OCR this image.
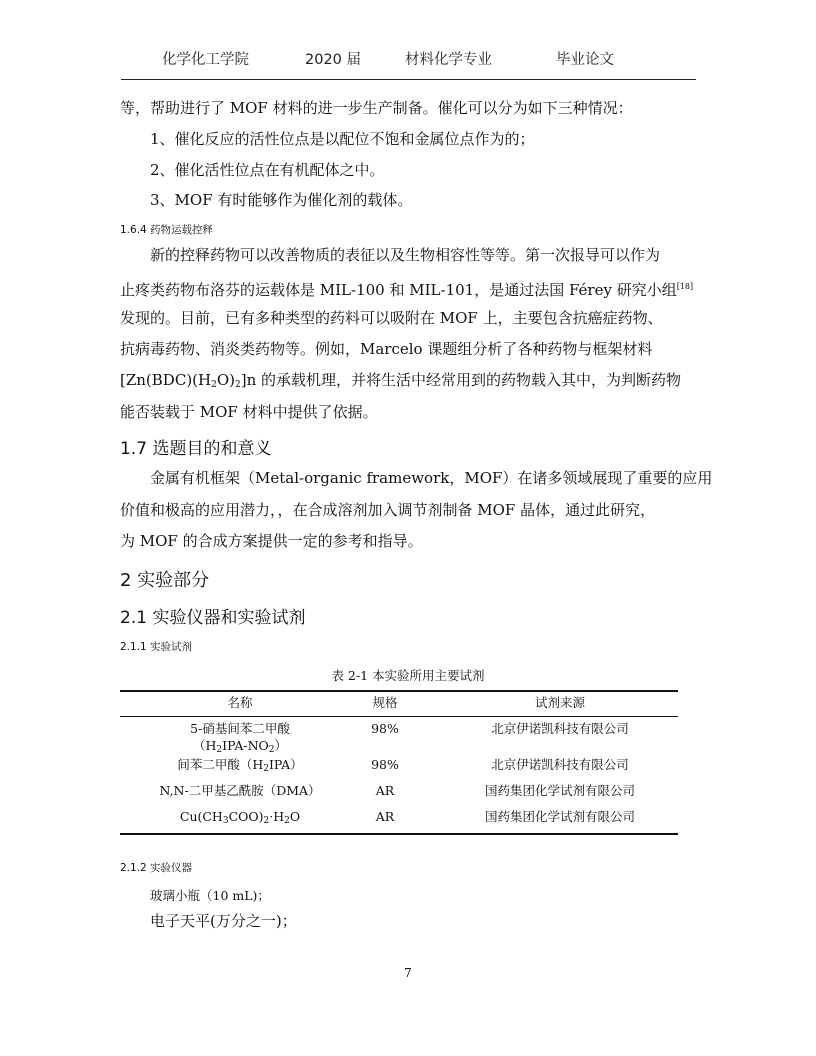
化学化工学院	2020 届	材料化学专业	毕业论文
等，帮助进行了 MOF 材料的进一步生产制备。催化可以分为如下三种情况：
1、催化反应的活性位点是以配位不饱和金属位点作为的；
2、催化活性位点在有机配体之中。
3、MOF 有时能够作为催化剂的载体。
1.6.4 药物运载控释
新的控释药物可以改善物质的表征以及生物相容性等等。第一次报导可以作为
止疼类药物布洛芬的运载体是 MIL-100 和 MIL-101，是通过法国 Férey 研究小组[18]
发现的。目前，已有多种类型的药料可以吸附在 MOF 上，主要包含抗癌症药物、
抗病毒药物、消炎类药物等。例如，Marcelo 课题组分析了各种药物与框架材料
$[Zn(BDC)(H_2O)_2]n$ 的承载机理，并将生活中经常用到的药物载入其中，为判断药物
能否装载于 MOF 材料中提供了依据。
1.7 选题目的和意义
金属有机框架（Metal-organic framework，MOF）在诸多领域展现了重要的应用
价值和极高的应用潜力，，在合成溶剂加入调节剂制备 MOF 晶体，通过此研究，
为 MOF 的合成方案提供一定的参考和指导。
2 实验部分
2.1 实验仪器和实验试剂
2.1.1 实验试剂
表 2-1 本实验所用主要试剂
名称	规格	试剂来源
5-硝基间苯二甲酸
$(H_2IPA-NO_2)$
98%	北京伊诺凯科技有限公司
间苯二甲酸$(H_2IPA)$	98%	北京伊诺凯科技有限公司
N,N-二甲基乙酰胺（DMA）	AR	国药集团化学试剂有限公司
$Cu(CH_3COO)_2\cdot H_2O$	AR	国药集团化学试剂有限公司
2.1.2 实验仪器
玻璃小瓶（10 mL)；
电子天平(万分之一)；
7
